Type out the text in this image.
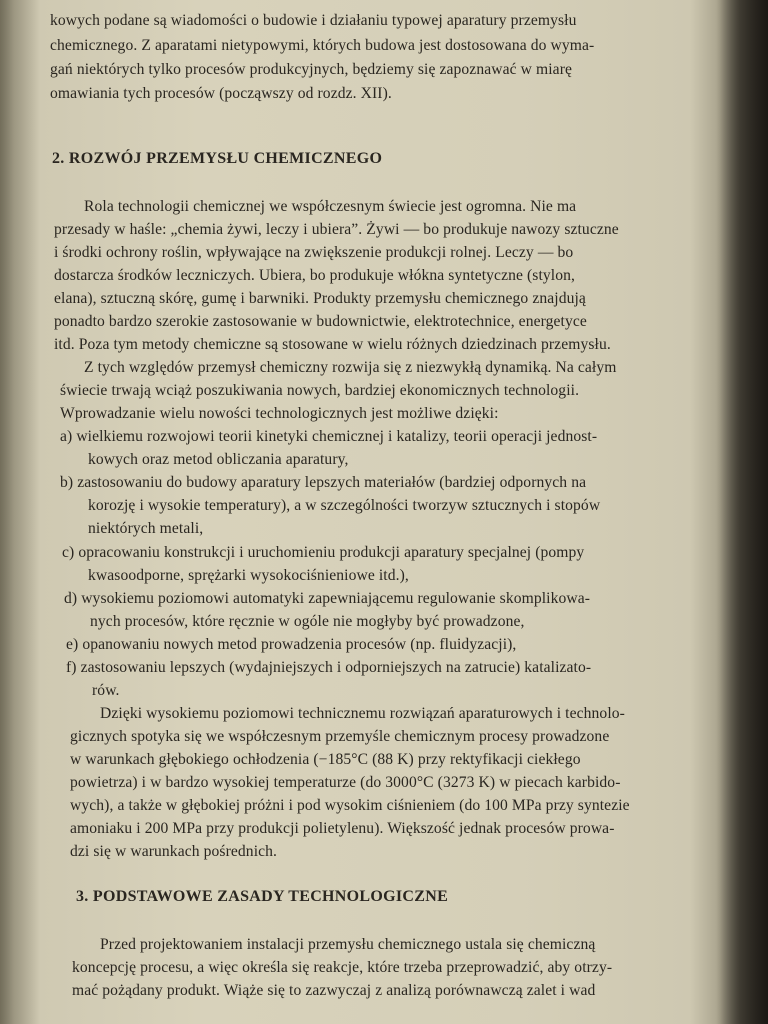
kowych podane są wiadomości o budowie i działaniu typowej aparatury przemysłu
chemicznego. Z aparatami nietypowymi, których budowa jest dostosowana do wyma-
gań niektórych tylko procesów produkcyjnych, będziemy się zapoznawać w miarę
omawiania tych procesów (począwszy od rozdz. XII).
2. ROZWÓJ PRZEMYSŁU CHEMICZNEGO
Rola technologii chemicznej we współczesnym świecie jest ogromna. Nie ma
przesady w haśle: „chemia żywi, leczy i ubiera”. Żywi — bo produkuje nawozy sztuczne
i środki ochrony roślin, wpływające na zwiększenie produkcji rolnej. Leczy — bo
dostarcza środków leczniczych. Ubiera, bo produkuje włókna syntetyczne (stylon,
elana), sztuczną skórę, gumę i barwniki. Produkty przemysłu chemicznego znajdują
ponadto bardzo szerokie zastosowanie w budownictwie, elektrotechnice, energetyce
itd. Poza tym metody chemiczne są stosowane w wielu różnych dziedzinach przemysłu.
Z tych względów przemysł chemiczny rozwija się z niezwykłą dynamiką. Na całym
świecie trwają wciąż poszukiwania nowych, bardziej ekonomicznych technologii.
Wprowadzanie wielu nowości technologicznych jest możliwe dzięki:
a) wielkiemu rozwojowi teorii kinetyki chemicznej i katalizy, teorii operacji jednost-
kowych oraz metod obliczania aparatury,
b) zastosowaniu do budowy aparatury lepszych materiałów (bardziej odpornych na
korozję i wysokie temperatury), a w szczególności tworzyw sztucznych i stopów
niektórych metali,
c) opracowaniu konstrukcji i uruchomieniu produkcji aparatury specjalnej (pompy
kwasoodporne, sprężarki wysokociśnieniowe itd.),
d) wysokiemu poziomowi automatyki zapewniającemu regulowanie skomplikowa-
nych procesów, które ręcznie w ogóle nie mogłyby być prowadzone,
e) opanowaniu nowych metod prowadzenia procesów (np. fluidyzacji),
f) zastosowaniu lepszych (wydajniejszych i odporniejszych na zatrucie) katalizato-
rów.
Dzięki wysokiemu poziomowi technicznemu rozwiązań aparaturowych i technolo-
gicznych spotyka się we współczesnym przemyśle chemicznym procesy prowadzone
w warunkach głębokiego ochłodzenia (−185°C (88 K) przy rektyfikacji ciekłego
powietrza) i w bardzo wysokiej temperaturze (do 3000°C (3273 K) w piecach karbido-
wych), a także w głębokiej próżni i pod wysokim ciśnieniem (do 100 MPa przy syntezie
amoniaku i 200 MPa przy produkcji polietylenu). Większość jednak procesów prowa-
dzi się w warunkach pośrednich.
3. PODSTAWOWE ZASADY TECHNOLOGICZNE
Przed projektowaniem instalacji przemysłu chemicznego ustala się chemiczną
koncepcję procesu, a więc określa się reakcje, które trzeba przeprowadzić, aby otrzy-
mać pożądany produkt. Wiąże się to zazwyczaj z analizą porównawczą zalet i wad
